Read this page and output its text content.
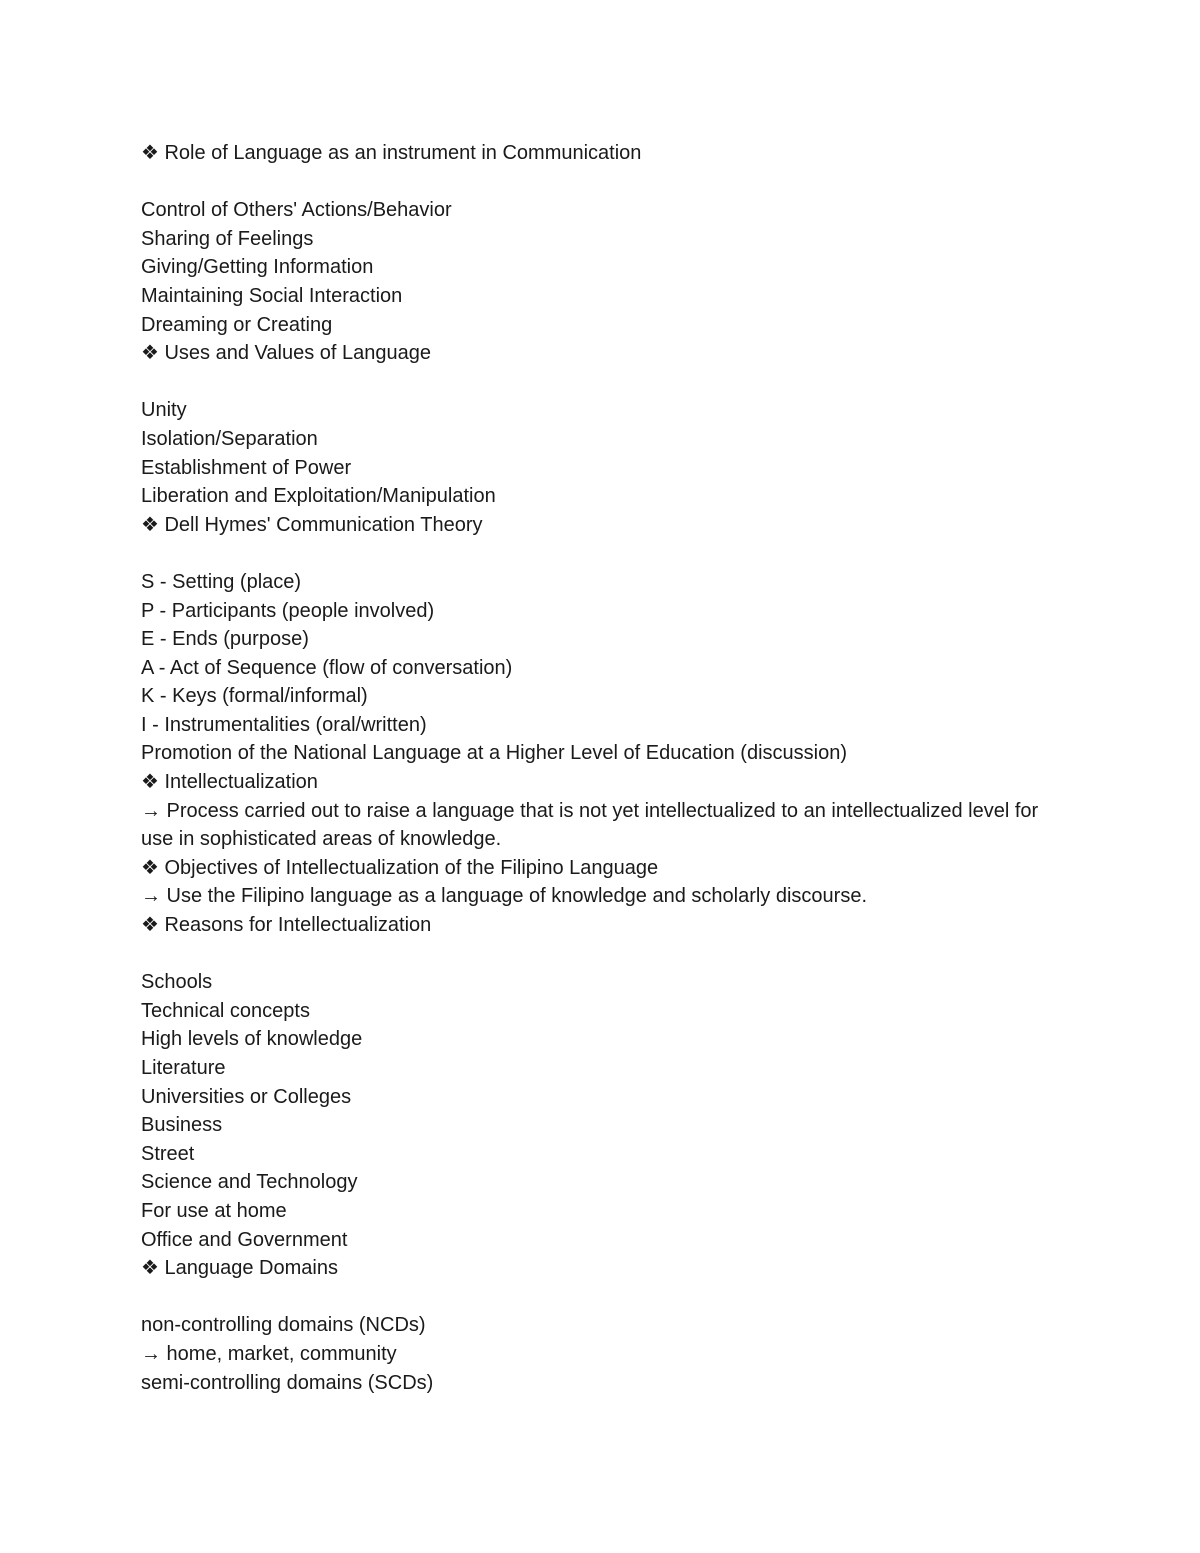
❖ Role of Language as an instrument in Communication
Control of Others' Actions/Behavior
Sharing of Feelings
Giving/Getting Information
Maintaining Social Interaction
Dreaming or Creating
❖ Uses and Values of Language
Unity
Isolation/Separation
Establishment of Power
Liberation and Exploitation/Manipulation
❖ Dell Hymes' Communication Theory
S - Setting (place)
P - Participants (people involved)
E - Ends (purpose)
A - Act of Sequence (flow of conversation)
K - Keys (formal/informal)
I - Instrumentalities (oral/written)
Promotion of the National Language at a Higher Level of Education (discussion)
❖ Intellectualization
→ Process carried out to raise a language that is not yet intellectualized to an intellectualized level for use in sophisticated areas of knowledge.
❖ Objectives of Intellectualization of the Filipino Language
→ Use the Filipino language as a language of knowledge and scholarly discourse.
❖ Reasons for Intellectualization
Schools
Technical concepts
High levels of knowledge
Literature
Universities or Colleges
Business
Street
Science and Technology
For use at home
Office and Government
❖ Language Domains
non-controlling domains (NCDs)
→ home, market, community
semi-controlling domains (SCDs)
